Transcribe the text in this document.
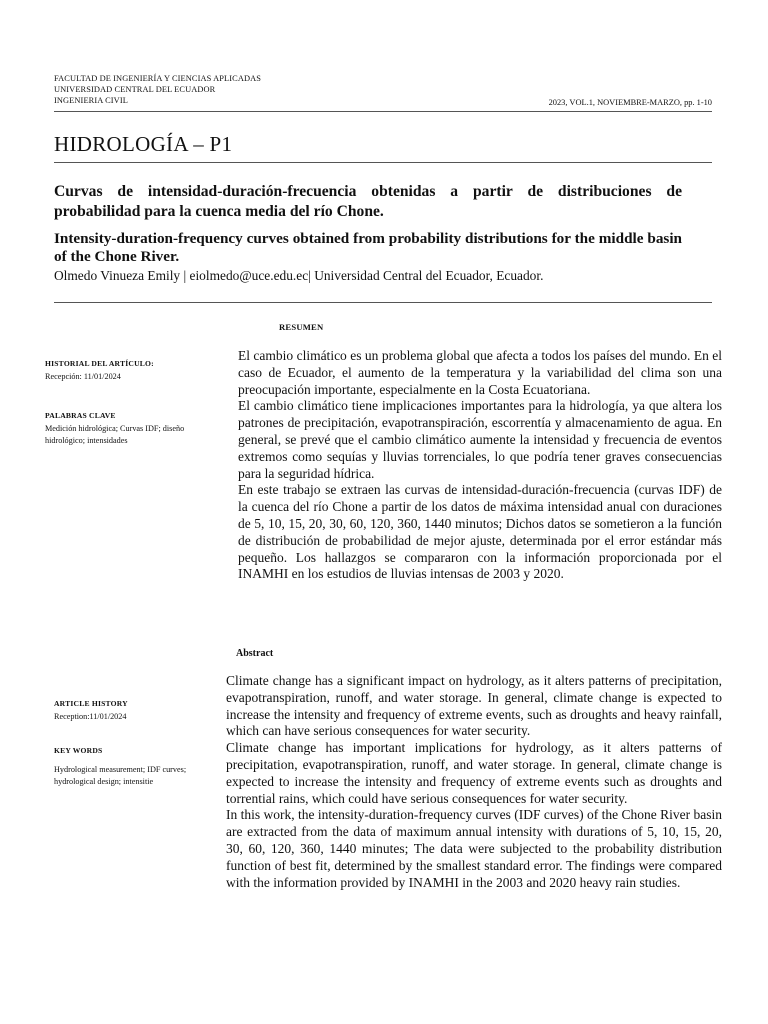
FACULTAD DE INGENIERÍA Y CIENCIAS APLICADAS
UNIVERSIDAD CENTRAL DEL ECUADOR
INGENIERIA CIVIL	2023, VOL.1, NOVIEMBRE-MARZO, pp. 1-10
HIDROLOGÍA – P1
Curvas de intensidad-duración-frecuencia obtenidas a partir de distribuciones de probabilidad para la cuenca media del río Chone.
Intensity-duration-frequency curves obtained from probability distributions for the middle basin of the Chone River.
Olmedo Vinueza Emily | eiolmedo@uce.edu.ec| Universidad Central del Ecuador, Ecuador.
RESUMEN
HISTORIAL DEL ARTÍCULO:
Recepción: 11/01/2024
PALABRAS CLAVE
Medición hidrológica; Curvas IDF; diseño hidrológico; intensidades

El cambio climático es un problema global que afecta a todos los países del mundo. En el caso de Ecuador, el aumento de la temperatura y la variabilidad del clima son una preocupación importante, especialmente en la Costa Ecuatoriana.

El cambio climático tiene implicaciones importantes para la hidrología, ya que altera los patrones de precipitación, evapotranspiración, escorrentía y almacenamiento de agua. En general, se prevé que el cambio climático aumente la intensidad y frecuencia de eventos extremos como sequías y lluvias torrenciales, lo que podría tener graves consecuencias para la seguridad hídrica.

En este trabajo se extraen las curvas de intensidad-duración-frecuencia (curvas IDF) de la cuenca del río Chone a partir de los datos de máxima intensidad anual con duraciones de 5, 10, 15, 20, 30, 60, 120, 360, 1440 minutos; Dichos datos se sometieron a la función de distribución de probabilidad de mejor ajuste, determinada por el error estándar más pequeño. Los hallazgos se compararon con la información proporcionada por el INAMHI en los estudios de lluvias intensas de 2003 y 2020.

Abstract
ARTICLE HISTORY
Reception:11/01/2024
KEY WORDS
Hydrological measurement; IDF curves; hydrological design; intensitie

Climate change has a significant impact on hydrology, as it alters patterns of precipitation, evapotranspiration, runoff, and water storage. In general, climate change is expected to increase the intensity and frequency of extreme events, such as droughts and heavy rainfall, which can have serious consequences for water security.

Climate change has important implications for hydrology, as it alters patterns of precipitation, evapotranspiration, runoff, and water storage. In general, climate change is expected to increase the intensity and frequency of extreme events such as droughts and torrential rains, which could have serious consequences for water security.

In this work, the intensity-duration-frequency curves (IDF curves) of the Chone River basin are extracted from the data of maximum annual intensity with durations of 5, 10, 15, 20, 30, 60, 120, 360, 1440 minutes; The data were subjected to the probability distribution function of best fit, determined by the smallest standard error. The findings were compared with the information provided by INAMHI in the 2003 and 2020 heavy rain studies.
